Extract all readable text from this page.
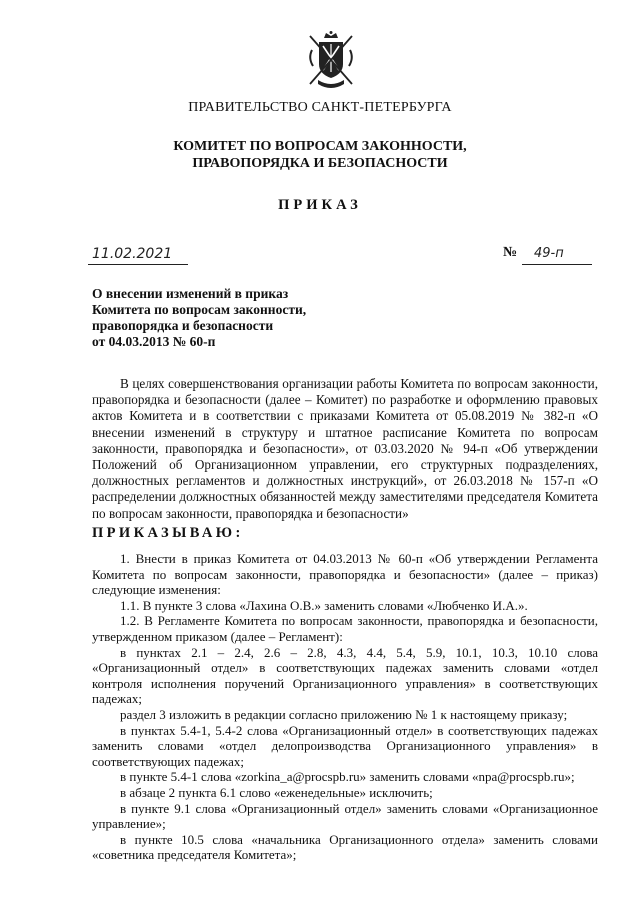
ПРАВИТЕЛЬСТВО САНКТ-ПЕТЕРБУРГА
КОМИТЕТ ПО ВОПРОСАМ ЗАКОННОСТИ,
ПРАВОПОРЯДКА И БЕЗОПАСНОСТИ
ПРИКАЗ
11.02.2021	№ 49-п
О внесении изменений в приказ
Комитета по вопросам законности,
правопорядка и безопасности
от 04.03.2013 № 60-п
В целях совершенствования организации работы Комитета по вопросам законности, правопорядка и безопасности (далее – Комитет) по разработке и оформлению правовых актов Комитета и в соответствии с приказами Комитета от 05.08.2019 № 382-п «О внесении изменений в структуру и штатное расписание Комитета по вопросам законности, правопорядка и безопасности», от 03.03.2020 № 94-п «Об утверждении Положений об Организационном управлении, его структурных подразделениях, должностных регламентов и должностных инструкций», от 26.03.2018 № 157-п «О распределении должностных обязанностей между заместителями председателя Комитета по вопросам законности, правопорядка и безопасности»
ПРИКАЗЫВАЮ:

1. Внести в приказ Комитета от 04.03.2013 № 60-п «Об утверждении Регламента Комитета по вопросам законности, правопорядка и безопасности» (далее – приказ) следующие изменения:

1.1. В пункте 3 слова «Лахина О.В.» заменить словами «Любченко И.А.».

1.2. В Регламенте Комитета по вопросам законности, правопорядка и безопасности, утвержденном приказом (далее – Регламент):

в пунктах 2.1 – 2.4, 2.6 – 2.8, 4.3, 4.4, 5.4, 5.9, 10.1, 10.3, 10.10 слова «Организационный отдел» в соответствующих падежах заменить словами «отдел контроля исполнения поручений Организационного управления» в соответствующих падежах;

раздел 3 изложить в редакции согласно приложению № 1 к настоящему приказу;

в пунктах 5.4-1, 5.4-2 слова «Организационный отдел» в соответствующих падежах заменить словами «отдел делопроизводства Организационного управления» в соответствующих падежах;

в пункте 5.4-1 слова «zorkina_a@procspb.ru» заменить словами «npa@procspb.ru»;

в абзаце 2 пункта 6.1 слово «еженедельные» исключить;

в пункте 9.1 слова «Организационный отдел» заменить словами «Организационное управление»;

в пункте 10.5 слова «начальника Организационного отдела» заменить словами «советника председателя Комитета»;
